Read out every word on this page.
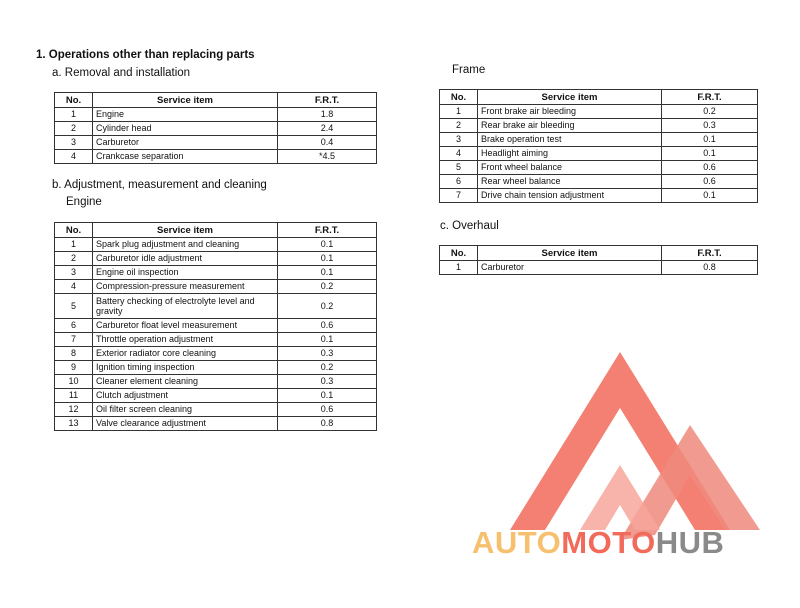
1. Operations other than replacing parts
a. Removal and installation
No.	Service item	F.R.T.
1	Engine	1.8
2	Cylinder head	2.4
3	Carburetor	0.4
4	Crankcase separation	*4.5
b. Adjustment, measurement and cleaning
Engine
No.	Service item	F.R.T.
1	Spark plug adjustment and cleaning	0.1
2	Carburetor idle adjustment	0.1
3	Engine oil inspection	0.1
4	Compression-pressure measurement	0.2
5	Battery checking of electrolyte level and gravity	0.2
6	Carburetor float level measurement	0.6
7	Throttle operation adjustment	0.1
8	Exterior radiator core cleaning	0.3
9	Ignition timing inspection	0.2
10	Cleaner element cleaning	0.3
11	Clutch adjustment	0.1
12	Oil filter screen cleaning	0.6
13	Valve clearance adjustment	0.8
Frame
No.	Service item	F.R.T.
1	Front brake air bleeding	0.2
2	Rear brake air bleeding	0.3
3	Brake operation test	0.1
4	Headlight aiming	0.1
5	Front wheel balance	0.6
6	Rear wheel balance	0.6
7	Drive chain tension adjustment	0.1
c. Overhaul
No.	Service item	F.R.T.
1	Carburetor	0.8
AUTOMOTOHUB
